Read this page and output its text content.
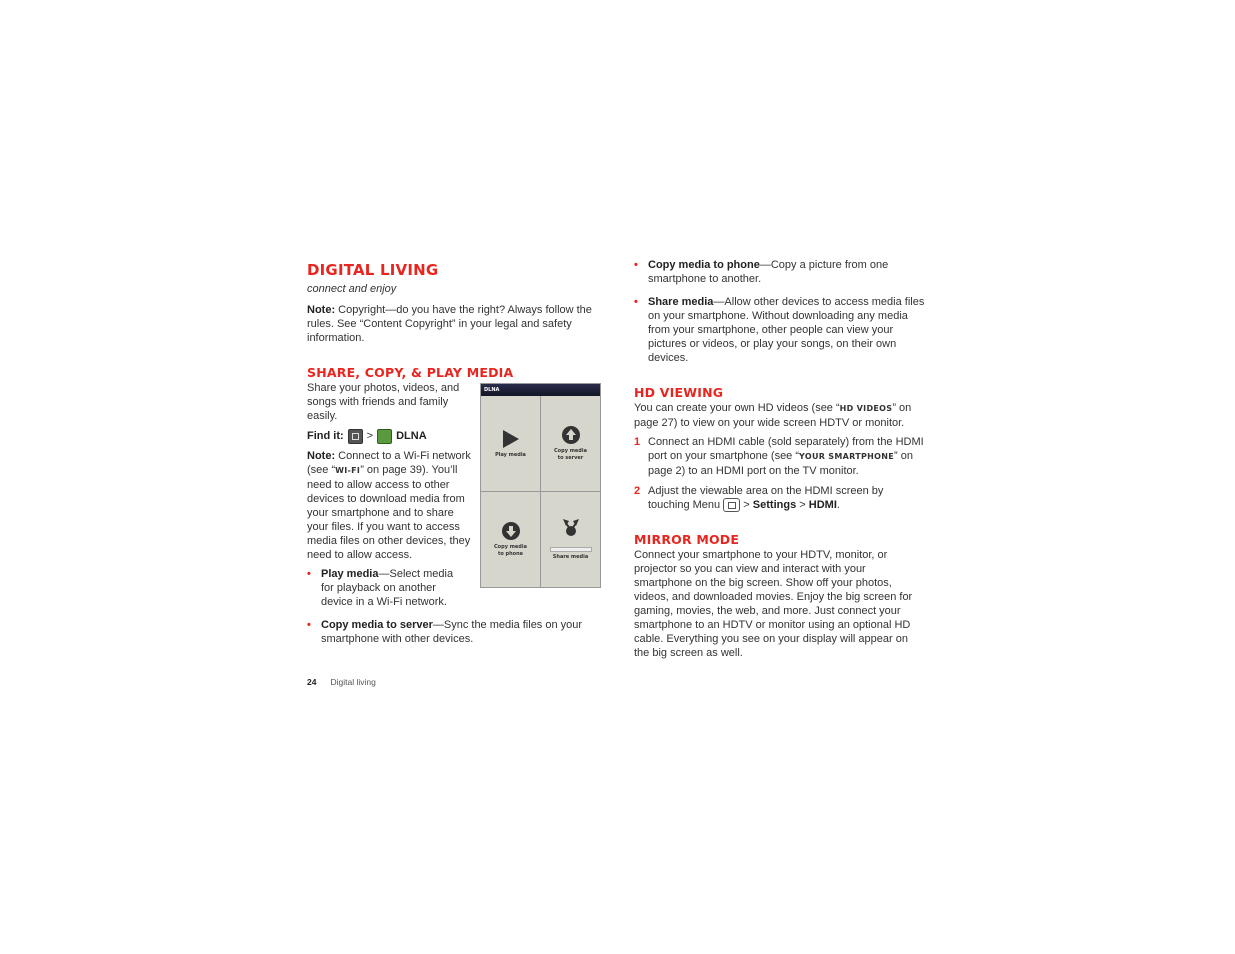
DIGITAL LIVING
connect and enjoy

Note: Copyright—do you have the right? Always follow the rules. See “Content Copyright” in your legal and safety information.

SHARE, COPY, & PLAY MEDIA

Share your photos, videos, and songs with friends and family easily.

Find it: > DLNA

Note: Connect to a Wi-Fi network (see “WI-FI” on page 39). You’ll need to allow access to other devices to download media from your smartphone and to share your files. If you want to access media files on other devices, they need to allow access.

• Play media—Select media for playback on another device in a Wi-Fi network.
• Copy media to server—Sync the media files on your smartphone with other devices.
DLNA
Play media
Copy media
to server
Copy media
to phone	Share media
• Copy media to phone—Copy a picture from one smartphone to another.
• Share media—Allow other devices to access media files on your smartphone. Without downloading any media from your smartphone, other people can view your pictures or videos, or play your songs, on their own devices.
HD VIEWING

You can create your own HD videos (see “HD VIDEOS” on page 27) to view on your wide screen HDTV or monitor.

1 Connect an HDMI cable (sold separately) from the HDMI port on your smartphone (see “YOUR SMARTPHONE” on page 2) to an HDMI port on the TV monitor.
2 Adjust the viewable area on the HDMI screen by touching Menu > Settings > HDMI.
MIRROR MODE

Connect your smartphone to your HDTV, monitor, or projector so you can view and interact with your smartphone on the big screen. Show off your photos, videos, and downloaded movies. Enjoy the big screen for gaming, movies, the web, and more. Just connect your smartphone to an HDTV or monitor using an optional HD cable. Everything you see on your display will appear on the big screen as well.

24 Digital living
